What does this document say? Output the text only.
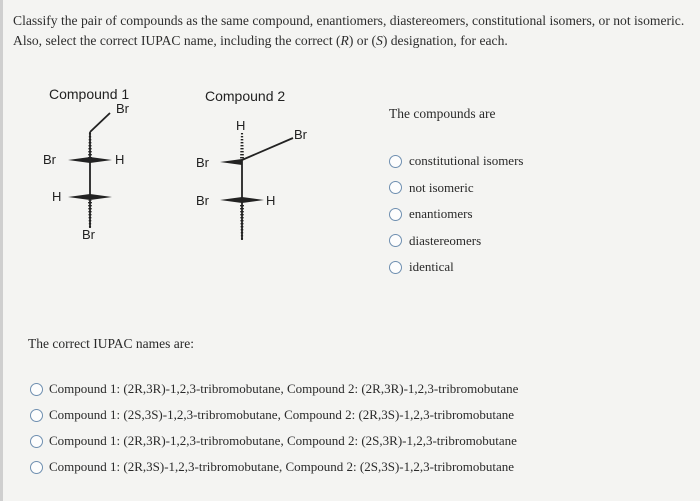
Classify the pair of compounds as the same compound, enantiomers, diastereomers, constitutional isomers, or not isomeric.
Also, select the correct IUPAC name, including the correct (R) or (S) designation, for each.
Compound 1
Br
Br	H
H
Br
Compound 2
H
Br
Br
Br	H
The compounds are
constitutional isomers
not isomeric
enantiomers
diastereomers
identical
The correct IUPAC names are:
Compound 1: (2R,3R)-1,2,3-tribromobutane, Compound 2: (2R,3R)-1,2,3-tribromobutane
Compound 1: (2S,3S)-1,2,3-tribromobutane, Compound 2: (2R,3S)-1,2,3-tribromobutane
Compound 1: (2R,3R)-1,2,3-tribromobutane, Compound 2: (2S,3R)-1,2,3-tribromobutane
Compound 1: (2R,3S)-1,2,3-tribromobutane, Compound 2: (2S,3S)-1,2,3-tribromobutane
